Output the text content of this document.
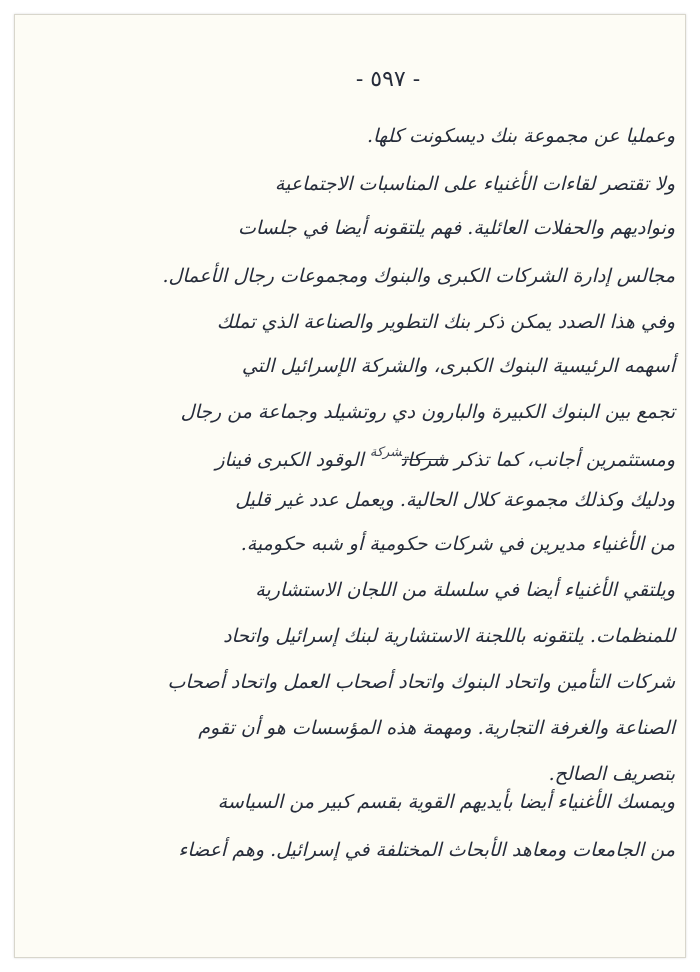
- ٥٩٧ -
وعمليا عن مجموعة بنك ديسكونت كلها.
ولا تقتصر لقاءات الأغنياء على المناسبات الاجتماعية
ونواديهم والحفلات العائلية. فهم يلتقونه أيضا في جلسات
مجالس إدارة الشركات الكبرى والبنوك ومجموعات رجال الأعمال.
وفي هذا الصدد يمكن ذكر بنك التطوير والصناعة الذي تملك
أسهمه الرئيسية البنوك الكبرى، والشركة الإسرائيل التي
تجمع بين البنوك الكبيرة والبارون دي روتشيلد وجماعة من رجال
ومستثمرين أجانب، كما تذكر شركات$^{شركة}$ الوقود الكبرى فيناز
ودليك وكذلك مجموعة كلال الحالية. ويعمل عدد غير قليل
من الأغنياء مديرين في شركات حكومية أو شبه حكومية.
ويلتقي الأغنياء أيضا في سلسلة من اللجان الاستشارية
للمنظمات. يلتقونه باللجنة الاستشارية لبنك إسرائيل واتحاد
شركات التأمين واتحاد البنوك واتحاد أصحاب العمل واتحاد أصحاب
الصناعة والغرفة التجارية. ومهمة هذه المؤسسات هو أن تقوم
بتصريف الصالح.
ويمسك الأغنياء أيضا بأيديهم القوية بقسم كبير من السياسة
من الجامعات ومعاهد الأبحاث المختلفة في إسرائيل. وهم أعضاء
